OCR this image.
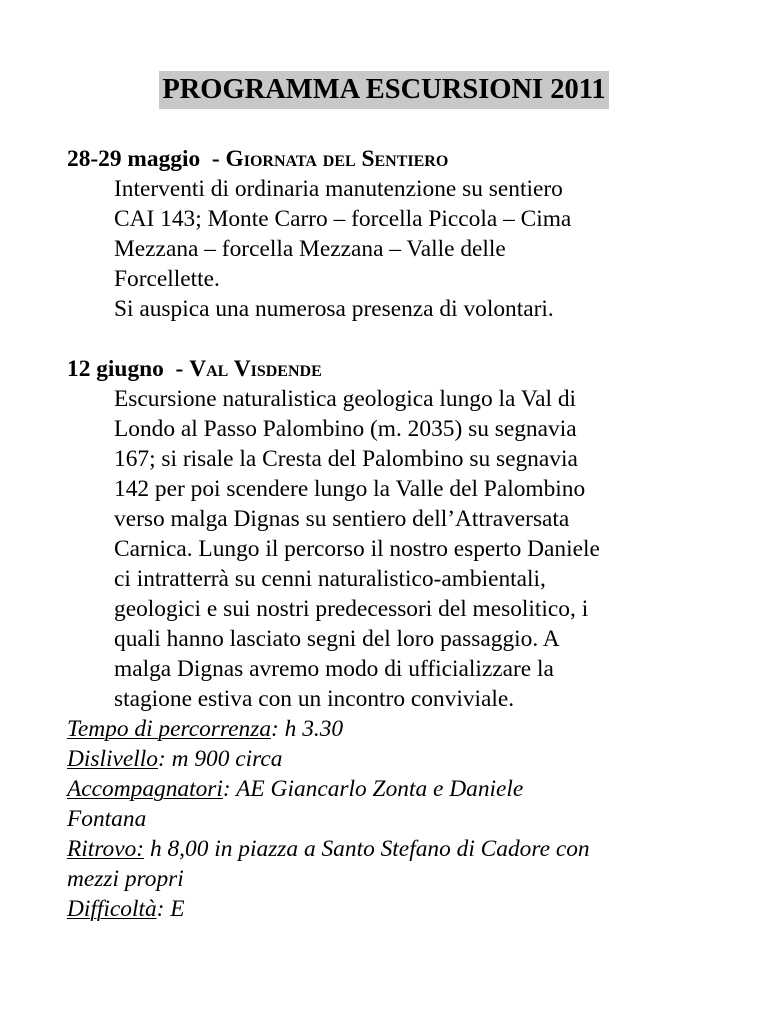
PROGRAMMA ESCURSIONI 2011
28-29 maggio  - Giornata del Sentiero
Interventi di ordinaria manutenzione su sentiero
CAI 143; Monte Carro – forcella Piccola – Cima
Mezzana – forcella Mezzana – Valle delle
Forcellette.
Si auspica una numerosa presenza di volontari.
12 giugno  - Val Visdende
Escursione naturalistica geologica lungo la Val di
Londo al Passo Palombino (m. 2035) su segnavia
167; si risale la Cresta del Palombino su segnavia
142 per poi scendere lungo la Valle del Palombino
verso malga Dignas su sentiero dell’Attraversata
Carnica. Lungo il percorso il nostro esperto Daniele
ci intratterrà su cenni naturalistico-ambientali,
geologici e sui nostri predecessori del mesolitico, i
quali hanno lasciato segni del loro passaggio. A
malga Dignas avremo modo di ufficializzare la
stagione estiva con un incontro conviviale.
Tempo di percorrenza: h 3.30
Dislivello: m 900 circa
Accompagnatori: AE Giancarlo Zonta e Daniele
Fontana
Ritrovo: h 8,00 in piazza a Santo Stefano di Cadore con
mezzi propri
Difficoltà: E
